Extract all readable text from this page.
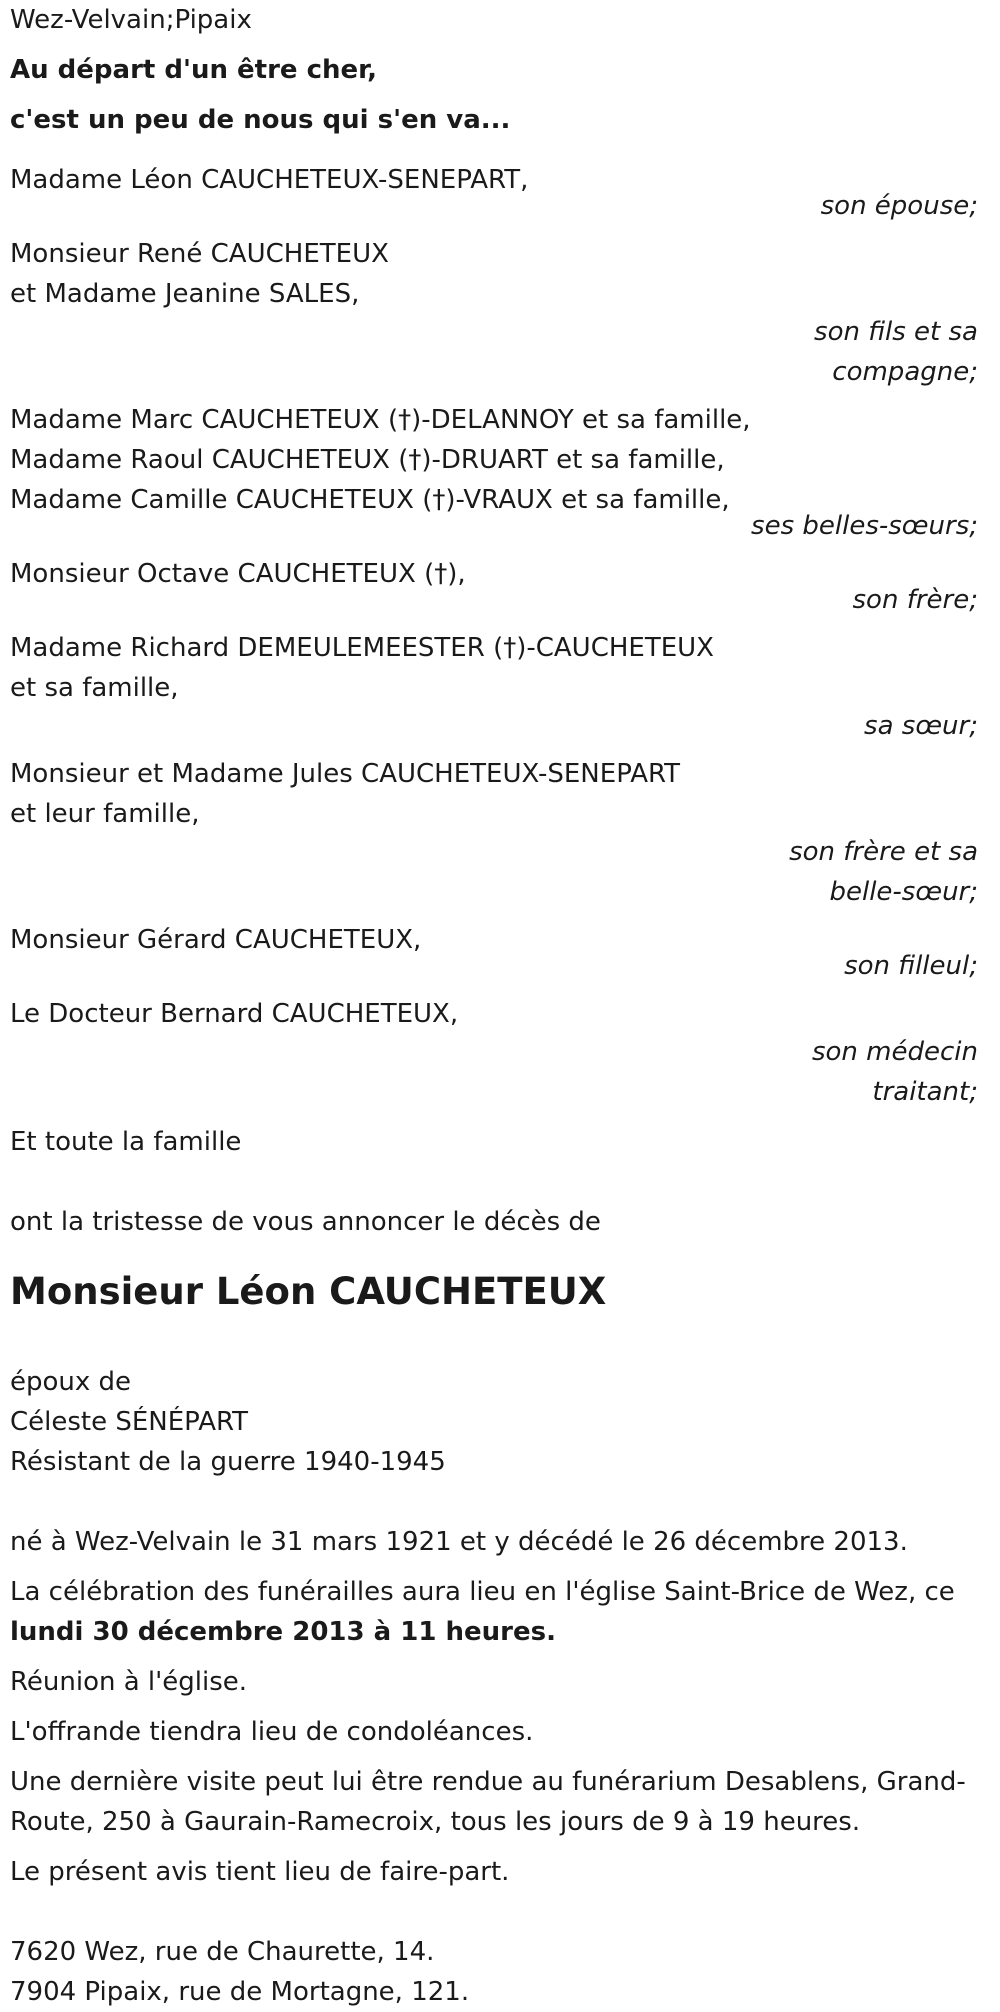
Wez-Velvain;Pipaix
Au départ d'un être cher,
c'est un peu de nous qui s'en va...
Madame Léon CAUCHETEUX-SENEPART,
son épouse;
Monsieur René CAUCHETEUX
et Madame Jeanine SALES,
son fils et sa
compagne;
Madame Marc CAUCHETEUX (†)-DELANNOY et sa famille,
Madame Raoul CAUCHETEUX (†)-DRUART et sa famille,
Madame Camille CAUCHETEUX (†)-VRAUX et sa famille,
ses belles-sœurs;
Monsieur Octave CAUCHETEUX (†),
son frère;
Madame Richard DEMEULEMEESTER (†)-CAUCHETEUX
et sa famille,
sa sœur;
Monsieur et Madame Jules CAUCHETEUX-SENEPART
et leur famille,
son frère et sa
belle-sœur;
Monsieur Gérard CAUCHETEUX,
son filleul;
Le Docteur Bernard CAUCHETEUX,
son médecin
traitant;
Et toute la famille
ont la tristesse de vous annoncer le décès de
Monsieur Léon CAUCHETEUX
époux de
Céleste SÉNÉPART
Résistant de la guerre 1940-1945
né à Wez-Velvain le 31 mars 1921 et y décédé le 26 décembre 2013.
La célébration des funérailles aura lieu en l'église Saint-Brice de Wez, ce
lundi 30 décembre 2013 à 11 heures.
Réunion à l'église.
L'offrande tiendra lieu de condoléances.
Une dernière visite peut lui être rendue au funérarium Desablens, Grand-
Route, 250 à Gaurain-Ramecroix, tous les jours de 9 à 19 heures.
Le présent avis tient lieu de faire-part.
7620 Wez, rue de Chaurette, 14.
7904 Pipaix, rue de Mortagne, 121.
